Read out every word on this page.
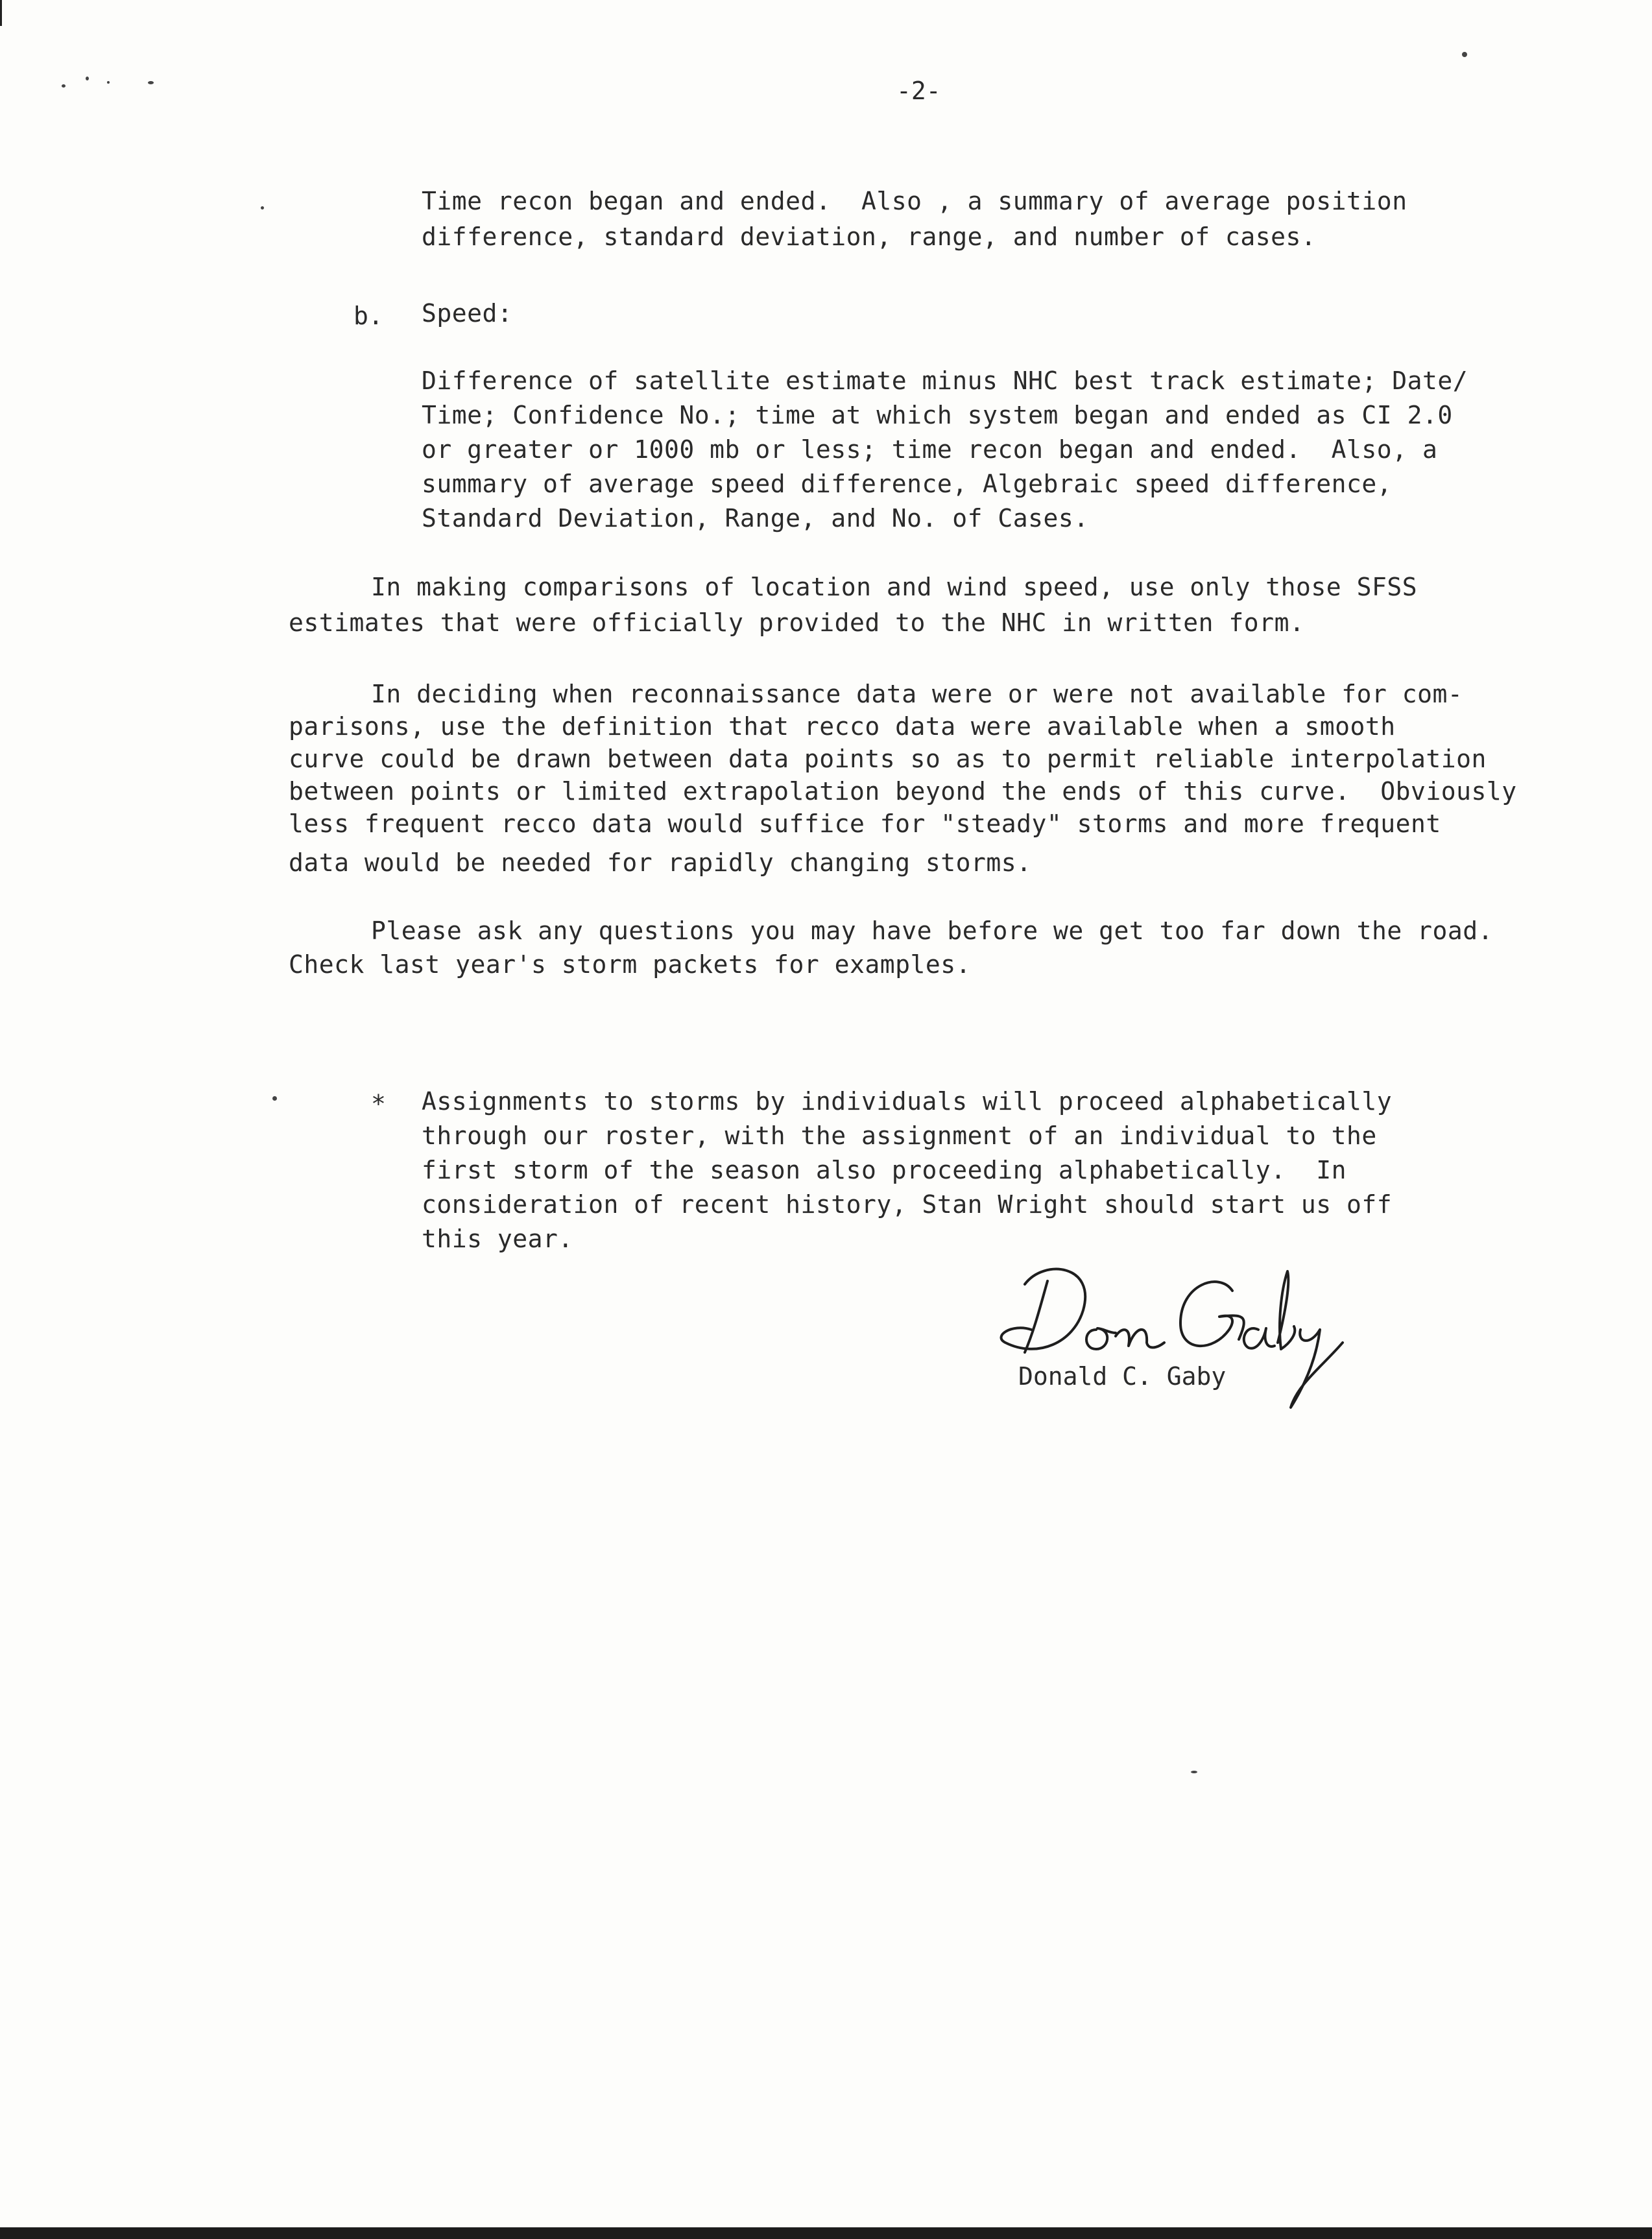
-2-
Time recon began and ended.  Also , a summary of average position
difference, standard deviation, range, and number of cases.
b. Speed:
Difference of satellite estimate minus NHC best track estimate; Date/
Time; Confidence No.; time at which system began and ended as CI 2.0
or greater or 1000 mb or less; time recon began and ended.  Also, a
summary of average speed difference, Algebraic speed difference,
Standard Deviation, Range, and No. of Cases.
In making comparisons of location and wind speed, use only those SFSS
estimates that were officially provided to the NHC in written form.
In deciding when reconnaissance data were or were not available for com-
parisons, use the definition that recco data were available when a smooth
curve could be drawn between data points so as to permit reliable interpolation
between points or limited extrapolation beyond the ends of this curve.  Obviously
less frequent recco data would suffice for "steady" storms and more frequent
data would be needed for rapidly changing storms.
Please ask any questions you may have before we get too far down the road.
Check last year's storm packets for examples.
* Assignments to storms by individuals will proceed alphabetically
through our roster, with the assignment of an individual to the
first storm of the season also proceeding alphabetically.  In
consideration of recent history, Stan Wright should start us off
this year.
Donald C. Gaby
